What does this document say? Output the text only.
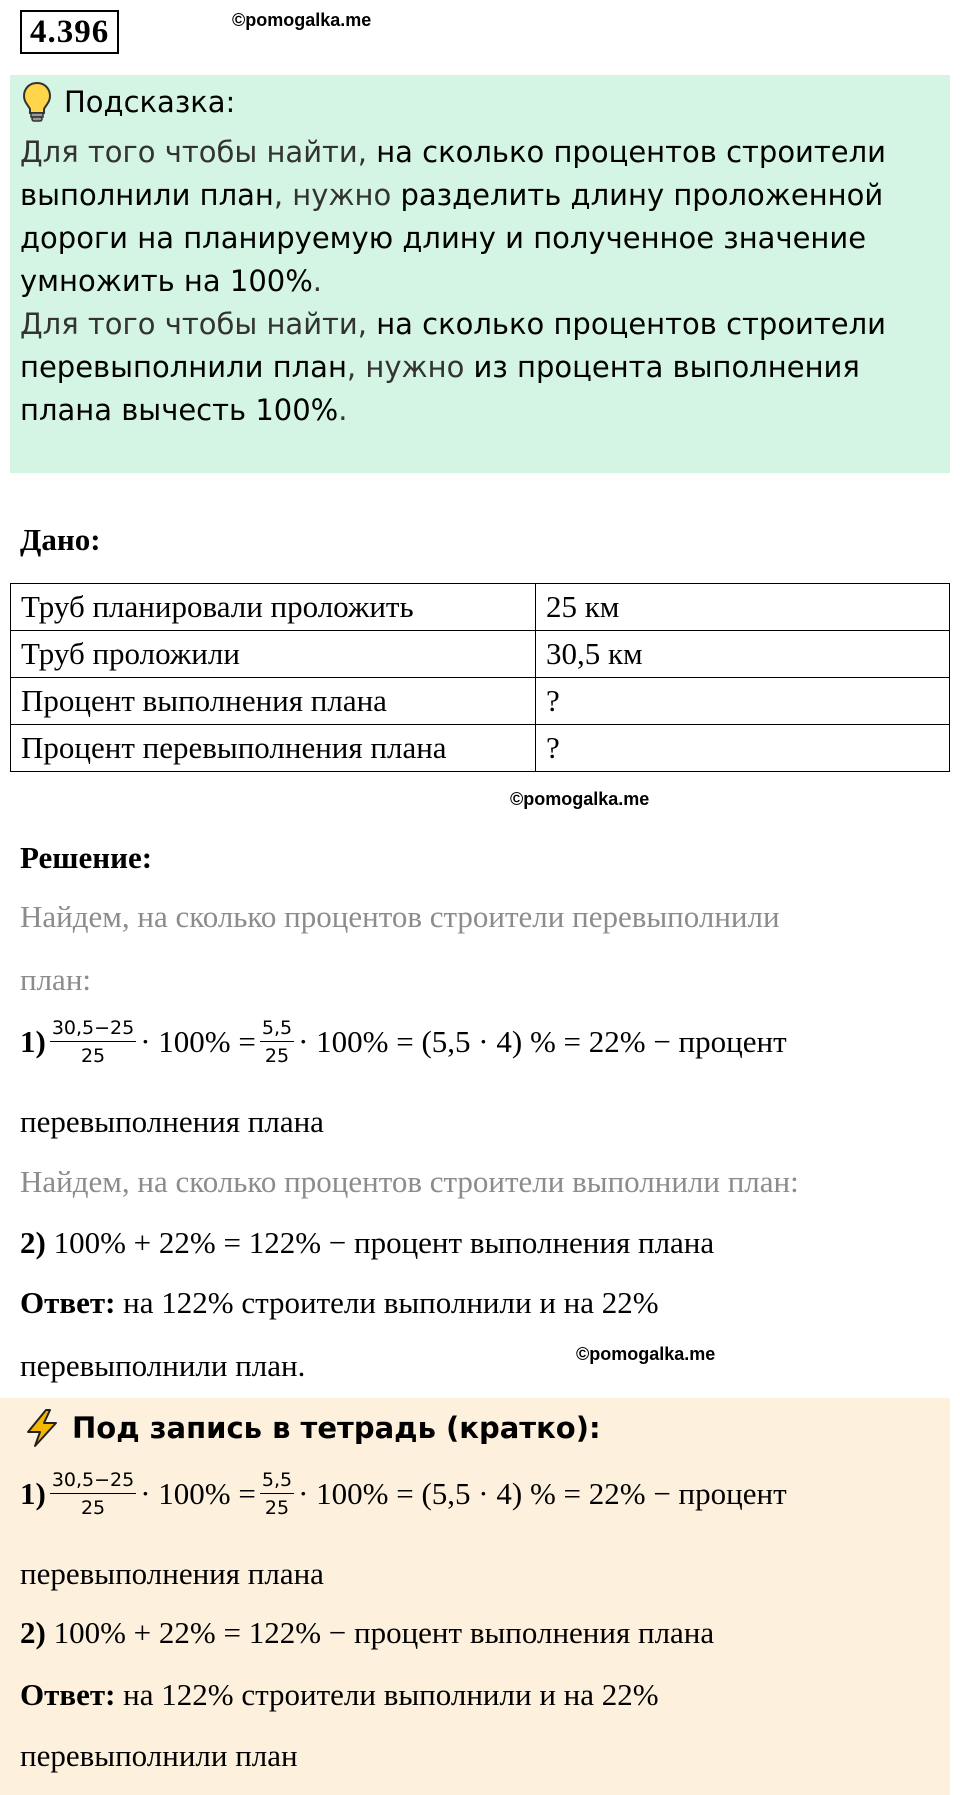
4.396	©pomogalka.me
Подсказка:
Для того чтобы найти, на сколько процентов строители выполнили план, нужно разделить длину проложенной дороги на планируемую длину и полученное значение умножить на 100%.
Для того чтобы найти, на сколько процентов строители перевыполнили план, нужно из процента выполнения плана вычесть 100%.
Дано:
Труб планировали проложить	25 км
Труб проложили	30,5 км
Процент выполнения плана	?
Процент перевыполнения плана	?
©pomogalka.me
Решение:
Найдем, на сколько процентов строители перевыполнили
план:
$1) \frac{30,5-25}{25} \cdot 100\% = \frac{5,5}{25} \cdot 100\% = (5,5 \cdot 4)$ % = 22% − процент
перевыполнения плана
Найдем, на сколько процентов строители выполнили план:
2) 100% + 22% = 122% − процент выполнения плана
Ответ: на 122% строители выполнили и на 22%
перевыполнили план.	©pomogalka.me
Под запись в тетрадь (кратко):
$1) \frac{30,5-25}{25} \cdot 100\% = \frac{5,5}{25} \cdot 100\% = (5,5 \cdot 4)$ % = 22% − процент
перевыполнения плана
2) 100% + 22% = 122% − процент выполнения плана
Ответ: на 122% строители выполнили и на 22%
перевыполнили план
